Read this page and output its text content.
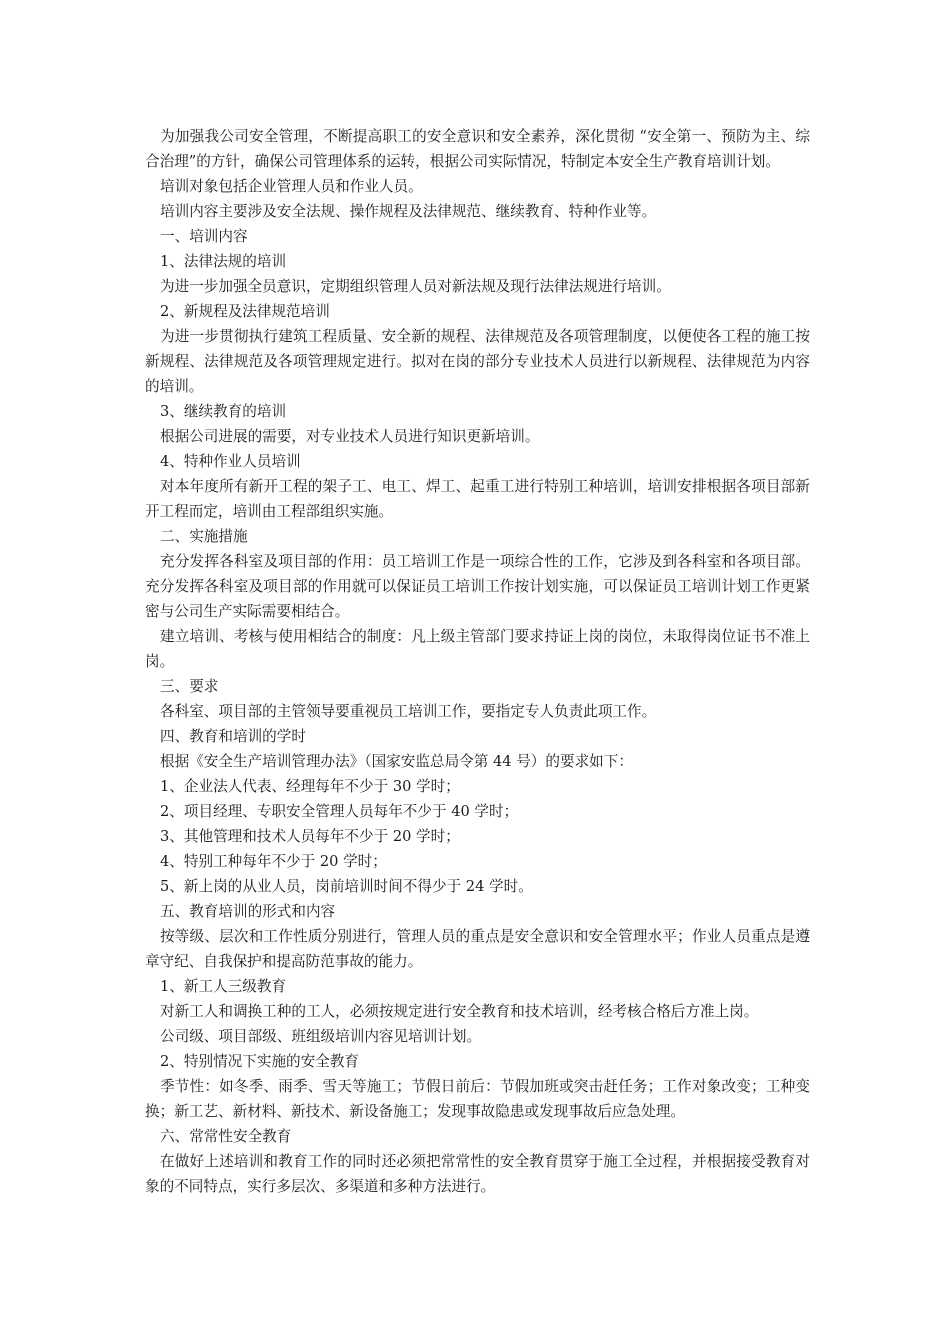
为加强我公司安全管理，不断提高职工的安全意识和安全素养，深化贯彻 “安全第一、预防为主、综合治理”的方针，确保公司管理体系的运转，根据公司实际情况，特制定本安全生产教育培训计划。

培训对象包括企业管理人员和作业人员。

培训内容主要涉及安全法规、操作规程及法律规范、继续教育、特种作业等。

一、培训内容

1、法律法规的培训

为进一步加强全员意识，定期组织管理人员对新法规及现行法律法规进行培训。

2、新规程及法律规范培训

为进一步贯彻执行建筑工程质量、安全新的规程、法律规范及各项管理制度，以便使各工程的施工按新规程、法律规范及各项管理规定进行。拟对在岗的部分专业技术人员进行以新规程、法律规范为内容的培训。

3、继续教育的培训

根据公司进展的需要，对专业技术人员进行知识更新培训。

4、特种作业人员培训

对本年度所有新开工程的架子工、电工、焊工、起重工进行特别工种培训，培训安排根据各项目部新开工程而定，培训由工程部组织实施。

二、实施措施

充分发挥各科室及项目部的作用：员工培训工作是一项综合性的工作，它涉及到各科室和各项目部。充分发挥各科室及项目部的作用就可以保证员工培训工作按计划实施，可以保证员工培训计划工作更紧密与公司生产实际需要相结合。

建立培训、考核与使用相结合的制度：凡上级主管部门要求持证上岗的岗位，未取得岗位证书不准上岗。

三、要求

各科室、项目部的主管领导要重视员工培训工作，要指定专人负责此项工作。

四、教育和培训的学时

根据《安全生产培训管理办法》（国家安监总局令第 44 号）的要求如下：

1、企业法人代表、经理每年不少于 30 学时；

2、项目经理、专职安全管理人员每年不少于 40 学时；

3、其他管理和技术人员每年不少于 20 学时；

4、特别工种每年不少于 20 学时；

5、新上岗的从业人员，岗前培训时间不得少于 24 学时。

五、教育培训的形式和内容

按等级、层次和工作性质分别进行，管理人员的重点是安全意识和安全管理水平；作业人员重点是遵章守纪、自我保护和提高防范事故的能力。

1、新工人三级教育

对新工人和调换工种的工人，必须按规定进行安全教育和技术培训，经考核合格后方准上岗。

公司级、项目部级、班组级培训内容见培训计划。

2、特别情况下实施的安全教育

季节性：如冬季、雨季、雪天等施工；节假日前后：节假加班或突击赶任务；工作对象改变；工种变换；新工艺、新材料、新技术、新设备施工；发现事故隐患或发现事故后应急处理。

六、常常性安全教育

在做好上述培训和教育工作的同时还必须把常常性的安全教育贯穿于施工全过程，并根据接受教育对象的不同特点，实行多层次、多渠道和多种方法进行。
